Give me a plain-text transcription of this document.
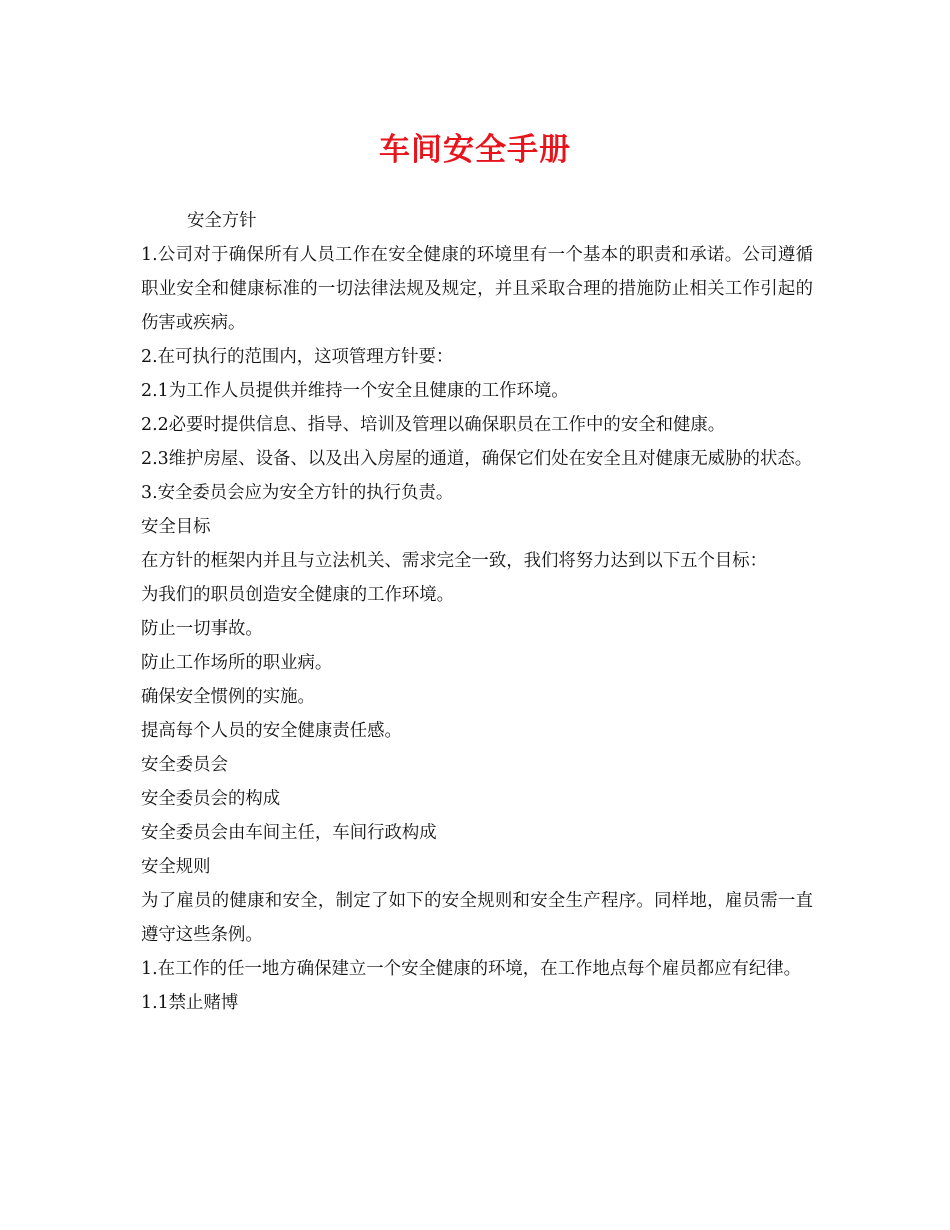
车间安全手册

安全方针

1.公司对于确保所有人员工作在安全健康的环境里有一个基本的职责和承诺。公司遵循职业安全和健康标准的一切法律法规及规定，并且采取合理的措施防止相关工作引起的伤害或疾病。

2.在可执行的范围内，这项管理方针要：

2.1为工作人员提供并维持一个安全且健康的工作环境。

2.2必要时提供信息、指导、培训及管理以确保职员在工作中的安全和健康。

2.3维护房屋、设备、以及出入房屋的通道，确保它们处在安全且对健康无威胁的状态。

3.安全委员会应为安全方针的执行负责。

安全目标

在方针的框架内并且与立法机关、需求完全一致，我们将努力达到以下五个目标：

为我们的职员创造安全健康的工作环境。

防止一切事故。

防止工作场所的职业病。

确保安全惯例的实施。

提高每个人员的安全健康责任感。

安全委员会

安全委员会的构成

安全委员会由车间主任，车间行政构成

安全规则

为了雇员的健康和安全，制定了如下的安全规则和安全生产程序。同样地，雇员需一直遵守这些条例。

1.在工作的任一地方确保建立一个安全健康的环境，在工作地点每个雇员都应有纪律。

1.1禁止赌博
